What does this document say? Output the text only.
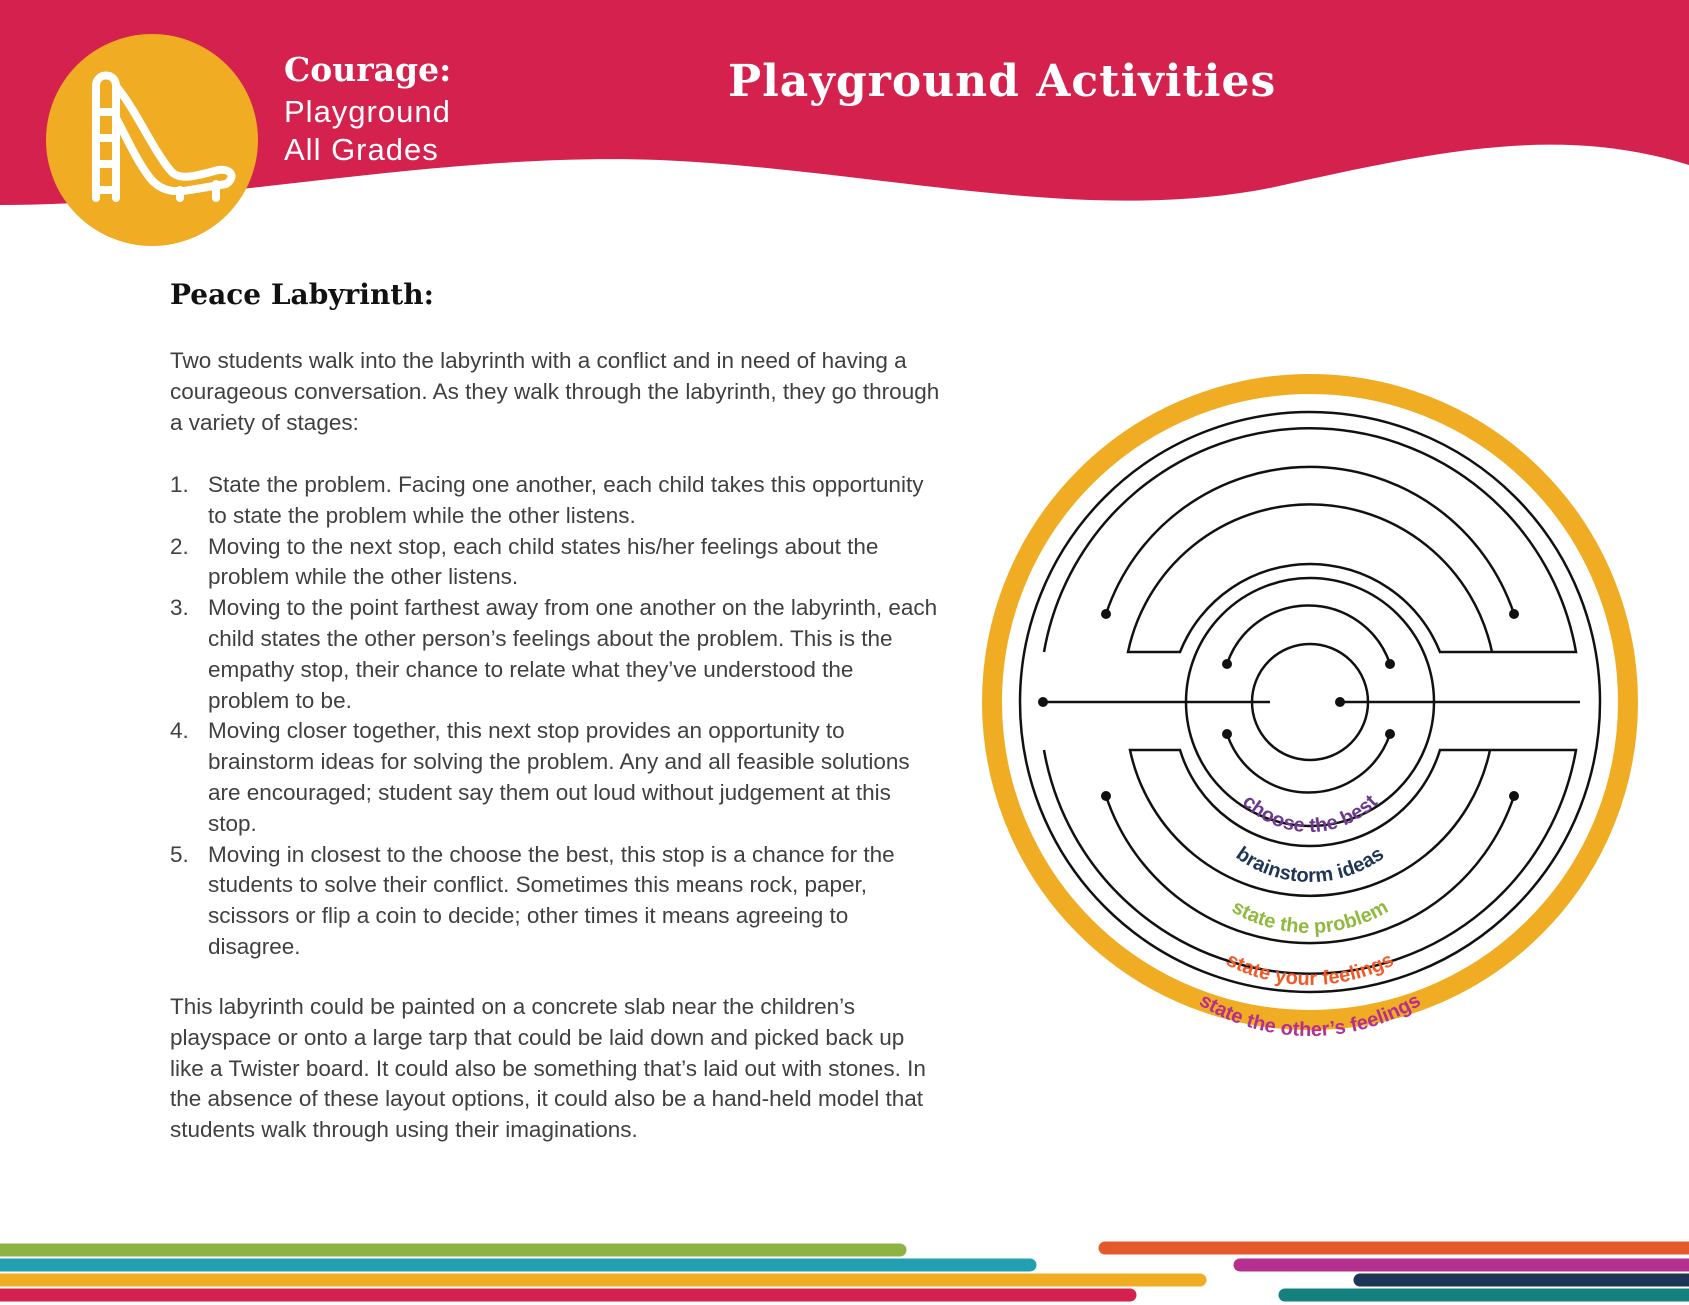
Courage:
Playground
All Grades
Playground Activities
Peace Labyrinth:

Two students walk into the labyrinth with a conflict and in need of having a courageous conversation. As they walk through the labyrinth, they go through a variety of stages:

1. State the problem. Facing one another, each child takes this opportunity to state the problem while the other listens.
2. Moving to the next stop, each child states his/her feelings about the problem while the other listens.
3. Moving to the point farthest away from one another on the labyrinth, each child states the other person’s feelings about the problem. This is the empathy stop, their chance to relate what they’ve understood the problem to be.
4. Moving closer together, this next stop provides an opportunity to brainstorm ideas for solving the problem. Any and all feasible solutions are encouraged; student say them out loud without judgement at this stop.
5. Moving in closest to the choose the best, this stop is a chance for the students to solve their conflict. Sometimes this means rock, paper, scissors or flip a coin to decide; other times it means agreeing to disagree.

This labyrinth could be painted on a concrete slab near the children’s playspace or onto a large tarp that could be laid down and picked back up like a Twister board. It could also be something that’s laid out with stones. In the absence of these layout options, it could also be a hand-held model that students walk through using their imaginations.

choose the best
brainstorm ideas
state the problem
state your feelings
state the other’s feelings
